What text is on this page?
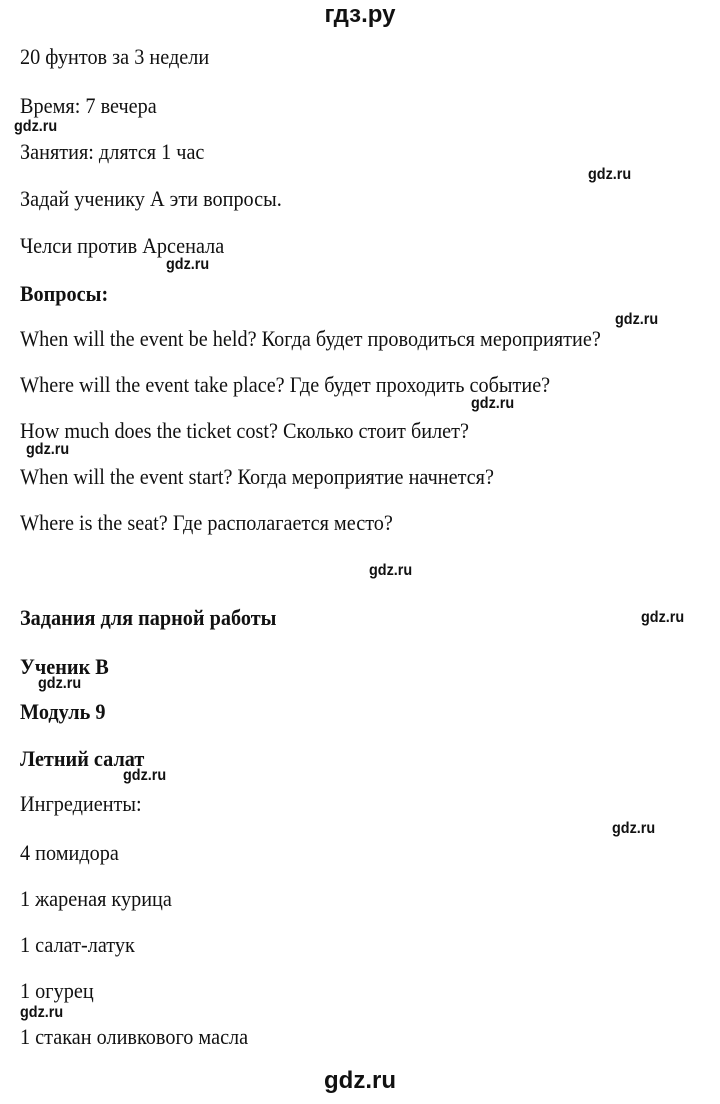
гдз.ру
20 фунтов за 3 недели
Время: 7 вечера
gdz.ru
Занятия: длятся 1 час
gdz.ru
Задай ученику А эти вопросы.
Челси против Арсенала
gdz.ru
Вопросы:
gdz.ru
When will the event be held? Когда будет проводиться мероприятие?
Where will the event take place? Где будет проходить событие?
gdz.ru
How much does the ticket cost? Сколько стоит билет?
gdz.ru
When will the event start? Когда мероприятие начнется?
Where is the seat? Где располагается место?
gdz.ru
Задания для парной работы	gdz.ru
Ученик B
gdz.ru
Модуль 9
Летний салат
gdz.ru
Ингредиенты:
gdz.ru
4 помидора
1 жареная курица
1 салат-латук
1 огурец
gdz.ru
1 стакан оливкового масла
gdz.ru
